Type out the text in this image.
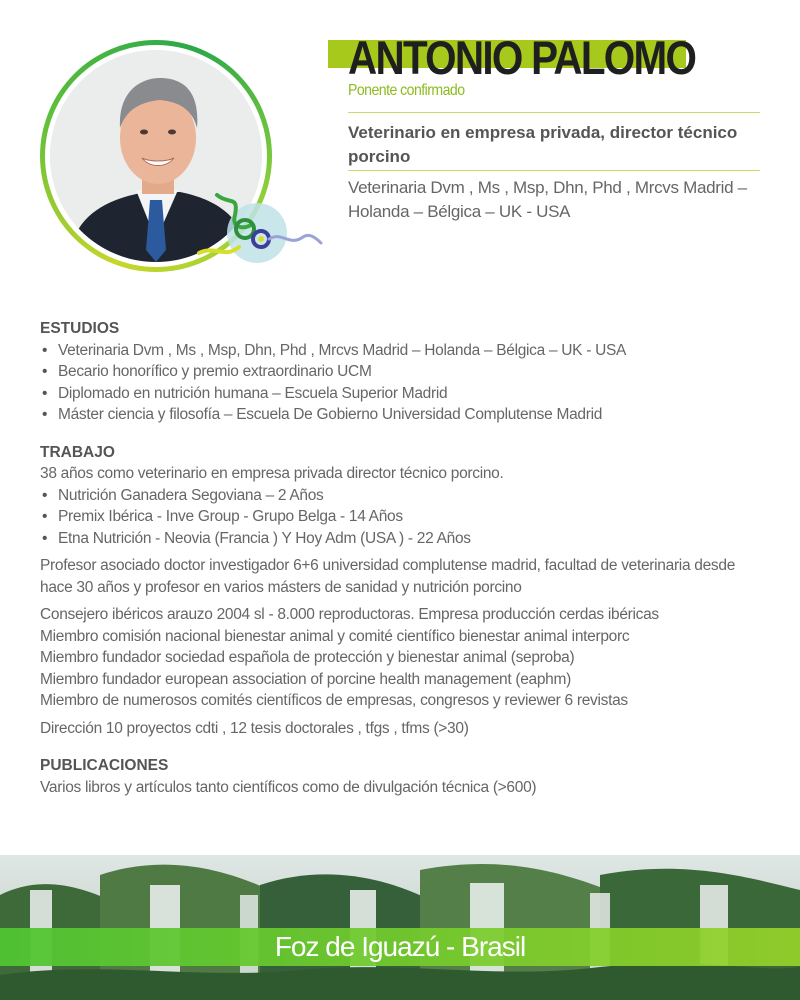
ANTONIO PALOMO
Ponente confirmado
Veterinario en empresa privada, director técnico porcino
Veterinaria Dvm , Ms , Msp, Dhn, Phd , Mrcvs Madrid – Holanda – Bélgica – UK - USA
ESTUDIOS
• Veterinaria Dvm , Ms , Msp, Dhn, Phd , Mrcvs Madrid – Holanda – Bélgica – UK - USA
• Becario honorífico y premio extraordinario UCM
• Diplomado en nutrición humana – Escuela Superior Madrid
• Máster ciencia y filosofía – Escuela De Gobierno Universidad Complutense Madrid
TRABAJO
38 años como veterinario en empresa privada director técnico porcino.
• Nutrición Ganadera Segoviana – 2 Años
• Premix Ibérica - Inve Group - Grupo Belga - 14 Años
• Etna Nutrición - Neovia (Francia ) Y Hoy Adm (USA ) - 22 Años
Profesor asociado doctor investigador 6+6 universidad complutense madrid, facultad de veterinaria desde hace 30 años y profesor en varios másters de sanidad y nutrición porcino
Consejero ibéricos arauzo 2004 sl - 8.000 reproductoras. Empresa producción cerdas ibéricas
Miembro comisión nacional bienestar animal y comité científico bienestar animal interporc
Miembro fundador sociedad española de protección y bienestar animal (seproba)
Miembro fundador european association of porcine health management (eaphm)
Miembro de numerosos comités científicos de empresas, congresos y reviewer 6 revistas
Dirección 10 proyectos cdti , 12 tesis doctorales , tfgs , tfms (>30)
PUBLICACIONES
Varios libros y artículos tanto científicos como de divulgación técnica (>600)
Foz de Iguazú - Brasil
